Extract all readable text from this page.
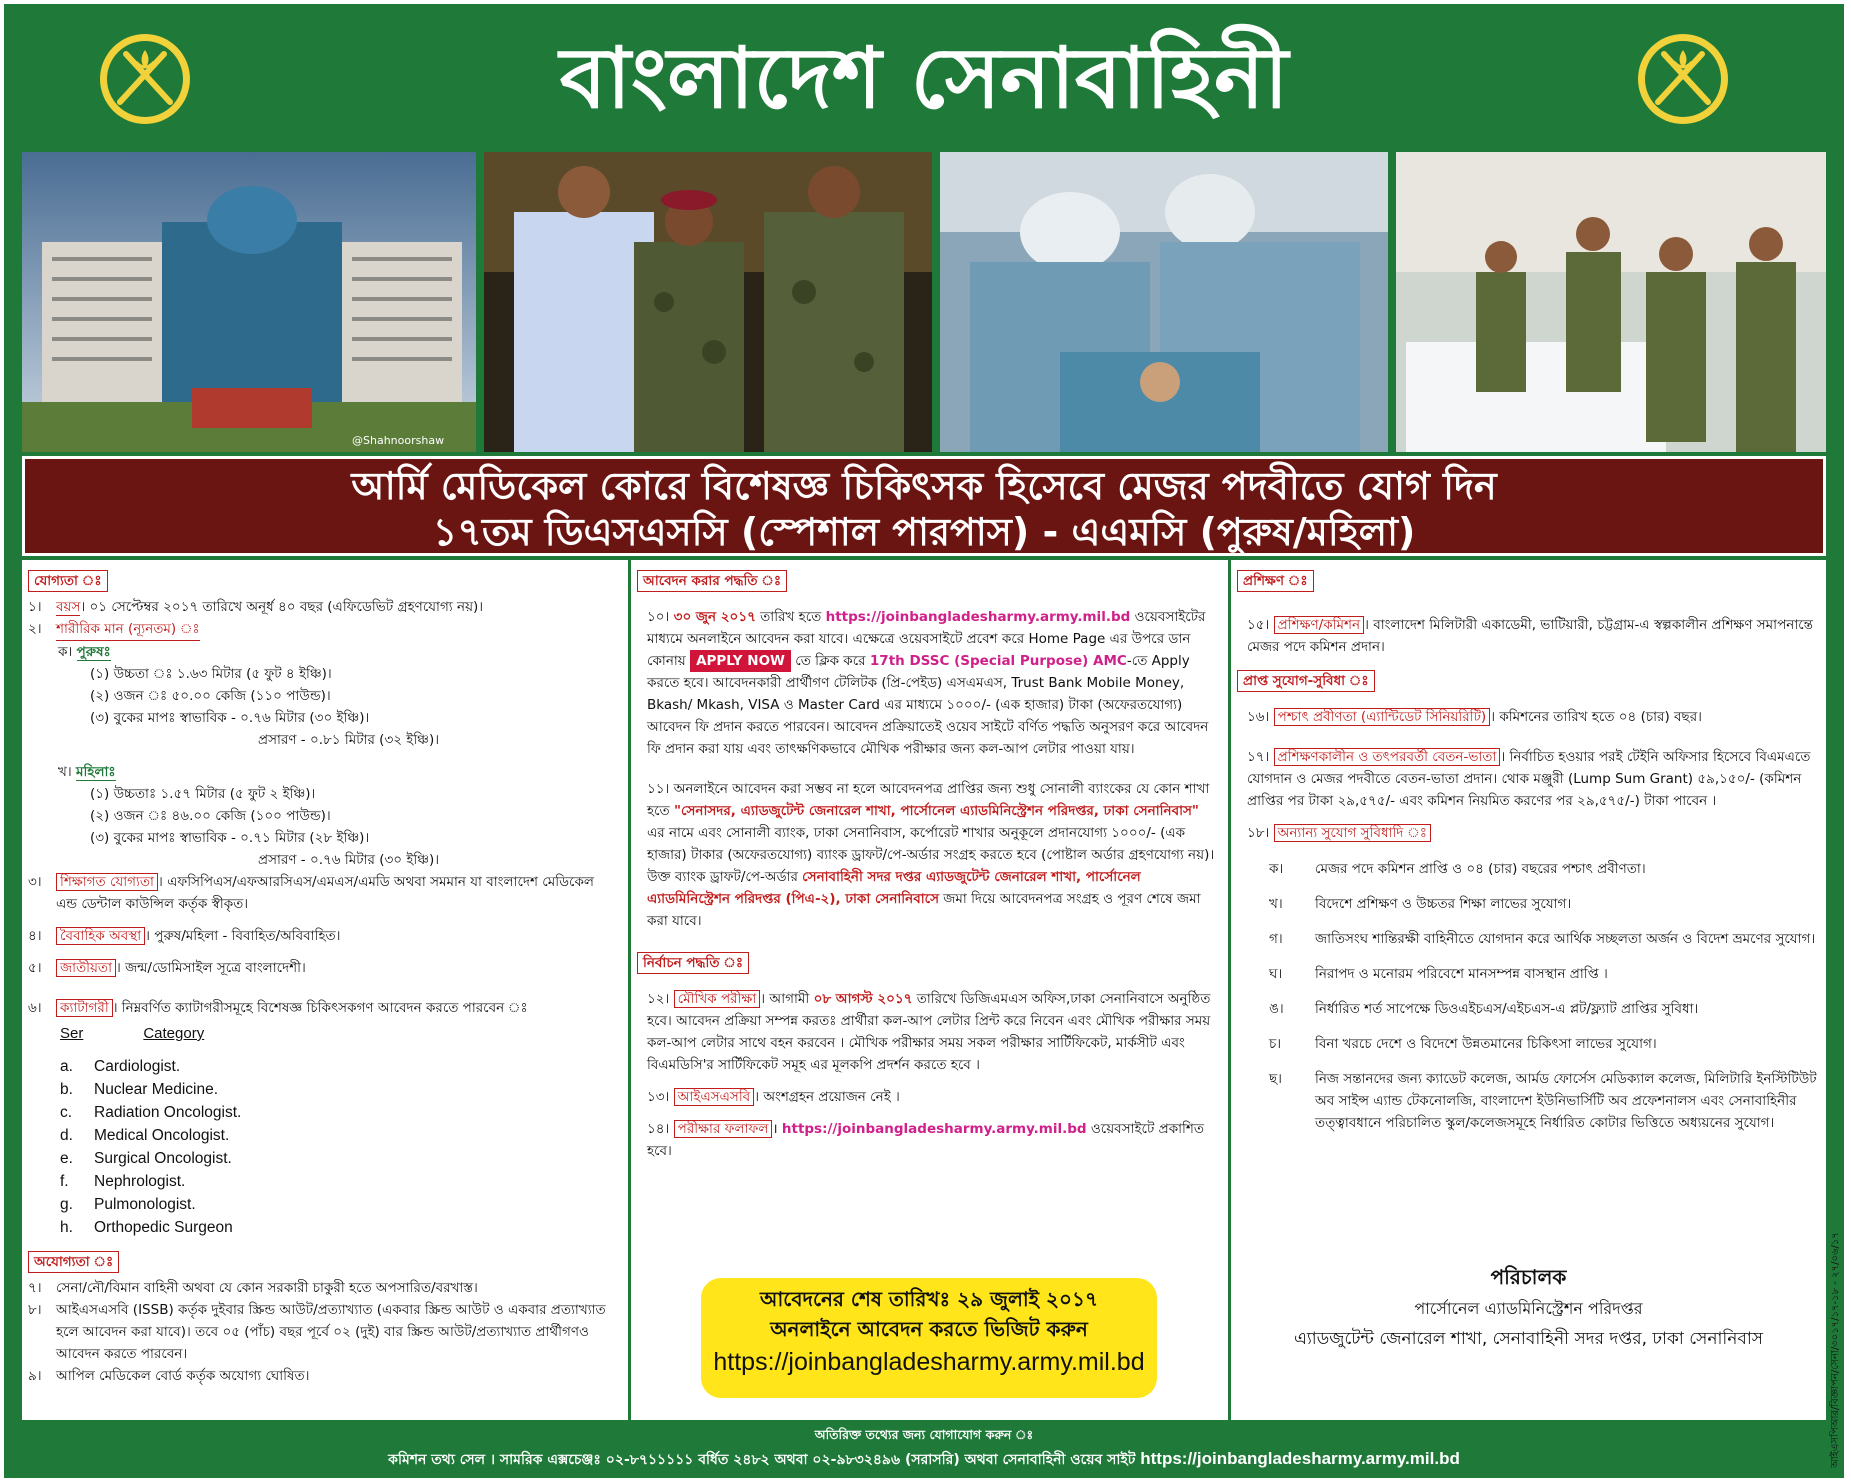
বাংলাদেশ সেনাবাহিনী
@Shahnoorshaw
আর্মি মেডিকেল কোরে বিশেষজ্ঞ চিকিৎসক হিসেবে মেজর পদবীতে যোগ দিন
১৭তম ডিএসএসসি (স্পেশাল পারপাস) - এএমসি (পুরুষ/মহিলা)
যোগ্যতা ঃ
১।	বয়স। ০১ সেপ্টেম্বর ২০১৭ তারিখে অনূর্ধ ৪০ বছর (এফিডেভিট গ্রহণযোগ্য নয়)।
২।	শারীরিক মান (ন্যূনতম) ঃ
ক। পুরুষঃ
(১) উচ্চতা ঃ ১.৬৩ মিটার (৫ ফুট ৪ ইঞ্চি)।
(২) ওজন ঃ ৫০.০০ কেজি (১১০ পাউন্ড)।
(৩) বুকের মাপঃ স্বাভাবিক - ০.৭৬ মিটার (৩০ ইঞ্চি)।
প্রসারণ - ০.৮১ মিটার (৩২ ইঞ্চি)।
খ। মহিলাঃ
(১) উচ্চতাঃ ১.৫৭ মিটার (৫ ফুট ২ ইঞ্চি)।
(২) ওজন ঃ ৪৬.০০ কেজি (১০০ পাউন্ড)।
(৩) বুকের মাপঃ স্বাভাবিক - ০.৭১ মিটার (২৮ ইঞ্চি)।
প্রসারণ - ০.৭৬ মিটার (৩০ ইঞ্চি)।
৩।	শিক্ষাগত যোগ্যতা । এফসিপিএস/এফআরসিএস/এমএস/এমডি অথবা সমমান যা বাংলাদেশ মেডিকেল এন্ড ডেন্টাল কাউন্সিল কর্তৃক স্বীকৃত।
৪।	বৈবাহিক অবস্থা । পুরুষ/মহিলা - বিবাহিত/অবিবাহিত।
৫।	জাতীয়তা । জন্ম/ডোমিসাইল সূত্রে বাংলাদেশী।
৬।	ক্যাটাগরী । নিম্নবর্ণিত ক্যাটাগরীসমূহে বিশেষজ্ঞ চিকিৎসকগণ আবেদন করতে পারবেন ঃ
Ser	Category
a. Cardiologist.
b. Nuclear Medicine.
c. Radiation Oncologist.
d. Medical Oncologist.
e. Surgical Oncologist.
f. Nephrologist.
g. Pulmonologist.
h. Orthopedic Surgeon
অযোগ্যতা ঃ
৭।	সেনা/নৌ/বিমান বাহিনী অথবা যে কোন সরকারী চাকুরী হতে অপসারিত/বরখাস্ত।
৮।	আইএসএসবি (ISSB) কর্তৃক দুইবার স্ক্রিন্ড আউট/প্রত্যাখ্যাত (একবার স্ক্রিন্ড আউট ও একবার প্রত্যাখ্যাত হলে আবেদন করা যাবে)। তবে ০৫ (পাঁচ) বছর পূর্বে ০২ (দুই) বার স্ক্রিন্ড আউট/প্রত্যাখ্যাত প্রার্থীগণও আবেদন করতে পারবেন।
৯।	আপিল মেডিকেল বোর্ড কর্তৃক অযোগ্য ঘোষিত।
আবেদন করার পদ্ধতি ঃ
১০। ৩০ জুন ২০১৭ তারিখ হতে https://joinbangladesharmy.army.mil.bd ওয়েবসাইটের মাধ্যমে অনলাইনে আবেদন করা যাবে। এক্ষেত্রে ওয়েবসাইটে প্রবেশ করে Home Page এর উপরে ডান কোনায় APPLY NOW তে ক্লিক করে 17th DSSC (Special Purpose) AMC-তে Apply করতে হবে। আবেদনকারী প্রার্থীগণ টেলিটক (প্রি-পেইড) এসএমএস, Trust Bank Mobile Money, Bkash/ Mkash, VISA ও Master Card এর মাধ্যমে ১০০০/- (এক হাজার) টাকা (অফেরতযোগ্য) আবেদন ফি প্রদান করতে পারবেন। আবেদন প্রক্রিয়াতেই ওয়েব সাইটে বর্ণিত পদ্ধতি অনুসরণ করে আবেদন ফি প্রদান করা যায় এবং তাৎক্ষণিকভাবে মৌখিক পরীক্ষার জন্য কল-আপ লেটার পাওয়া যায়।
১১। অনলাইনে আবেদন করা সম্ভব না হলে আবেদনপত্র প্রাপ্তির জন্য শুধু সোনালী ব্যাংকের যে কোন শাখা হতে "সেনাসদর, এ্যাডজুটেন্ট জেনারেল শাখা, পার্সোনেল এ্যাডমিনিস্ট্রেশন পরিদপ্তর, ঢাকা সেনানিবাস" এর নামে এবং সোনালী ব্যাংক, ঢাকা সেনানিবাস, কর্পোরেট শাখার অনুকূলে প্রদানযোগ্য ১০০০/- (এক হাজার) টাকার (অফেরতযোগ্য) ব্যাংক ড্রাফট/পে-অর্ডার সংগ্রহ করতে হবে (পোষ্টাল অর্ডার গ্রহণযোগ্য নয়)। উক্ত ব্যাংক ড্রাফট/পে-অর্ডার সেনাবাহিনী সদর দপ্তর এ্যাডজুটেন্ট জেনারেল শাখা, পার্সোনেল এ্যাডমিনিস্ট্রেশন পরিদপ্তর (পিএ-২), ঢাকা সেনানিবাসে জমা দিয়ে আবেদনপত্র সংগ্রহ ও পূরণ শেষে জমা করা যাবে।
নির্বাচন পদ্ধতি ঃ
১২। মৌখিক পরীক্ষা । আগামী ০৮ আগস্ট ২০১৭ তারিখে ডিজিএমএস অফিস,ঢাকা সেনানিবাসে অনুষ্ঠিত হবে। আবেদন প্রক্রিয়া সম্পন্ন করতঃ প্রার্থীরা কল-আপ লেটার প্রিন্ট করে নিবেন এবং মৌখিক পরীক্ষার সময় কল-আপ লেটার সাথে বহন করবেন । মৌখিক পরীক্ষার সময় সকল পরীক্ষার সার্টিফিকেট, মার্কসীট এবং বিএমডিসি'র সার্টিফিকেট সমূহ এর মূলকপি প্রদর্শন করতে হবে ।
১৩। আইএসএসবি । অংশগ্রহন প্রয়োজন নেই ।
১৪। পরীক্ষার ফলাফল । https://joinbangladesharmy.army.mil.bd ওয়েবসাইটে প্রকাশিত হবে।
আবেদনের শেষ তারিখঃ ২৯ জুলাই ২০১৭
অনলাইনে আবেদন করতে ভিজিট করুন
https://joinbangladesharmy.army.mil.bd
প্রশিক্ষণ ঃ
১৫। প্রশিক্ষণ/কমিশন । বাংলাদেশ মিলিটারী একাডেমী, ভাটিয়ারী, চট্টগ্রাম-এ স্বল্পকালীন প্রশিক্ষণ সমাপনান্তে মেজর পদে কমিশন প্রদান।
প্রাপ্ত সুযোগ-সুবিধা ঃ
১৬। পশ্চাৎ প্রবীণতা (এ্যান্টিডেট সিনিয়রিটি) । কমিশনের তারিখ হতে ০৪ (চার) বছর।
১৭। প্রশিক্ষণকালীন ও তৎপরবর্তী বেতন-ভাতা । নির্বাচিত হওয়ার পরই টেইনি অফিসার হিসেবে বিএমএতে যোগদান ও মেজর পদবীতে বেতন-ভাতা প্রদান। থোক মঞ্জুরী (Lump Sum Grant) ৫৯,১৫০/- (কমিশন প্রাপ্তির পর টাকা ২৯,৫৭৫/- এবং কমিশন নিয়মিত করণের পর ২৯,৫৭৫/-) টাকা পাবেন ।
১৮। অন্যান্য সুযোগ সুবিধাদি ঃ
ক।	মেজর পদে কমিশন প্রাপ্তি ও ০৪ (চার) বছরের পশ্চাৎ প্রবীণতা।
খ।	বিদেশে প্রশিক্ষণ ও উচ্চতর শিক্ষা লাভের সুযোগ।
গ।	জাতিসংঘ শান্তিরক্ষী বাহিনীতে যোগদান করে আর্থিক সচ্ছলতা অর্জন ও বিদেশ ভ্রমণের সুযোগ।
ঘ।	নিরাপদ ও মনোরম পরিবেশে মানসম্পন্ন বাসস্থান প্রাপ্তি ।
ঙ।	নির্ধারিত শর্ত সাপেক্ষে ডিওএইচএস/এইচএস-এ প্লট/ফ্ল্যাট প্রাপ্তির সুবিধা।
চ।	বিনা খরচে দেশে ও বিদেশে উন্নতমানের চিকিৎসা লাভের সুযোগ।
ছ।	নিজ সন্তানদের জন্য ক্যাডেট কলেজ, আর্মড ফোর্সেস মেডিক্যাল কলেজ, মিলিটারি ইনস্টিটিউট অব সাইন্স এ্যান্ড টেকনোলজি, বাংলাদেশ ইউনিভার্সিটি অব প্রফেশনালস এবং সেনাবাহিনীর তত্ত্বাবধানে পরিচালিত স্কুল/কলেজসমূহে নির্ধারিত কোটার ভিত্তিতে অধ্যয়নের সুযোগ।
পরিচালক
পার্সোনেল এ্যাডমিনিস্ট্রেশন পরিদপ্তর
এ্যাডজুটেন্ট জেনারেল শাখা, সেনাবাহিনী সদর দপ্তর, ঢাকা সেনানিবাস
অতিরিক্ত তথ্যের জন্য যোগাযোগ করুন ঃ
কমিশন তথ্য সেল । সামরিক এক্সচেঞ্জঃ ০২-৮৭১১১১১ বর্ধিত ২৪৮২ অথবা ০২-৯৮৩২৪৯৬ (সরাসরি) অথবা সেনাবাহিনী ওয়েব সাইট https://joinbangladesharmy.army.mil.bd	আইএসপিআর/বিজ্ঞাপন/সেনা/৩০১৭/১৭-১৮ - ২৭/০৬/১৭
